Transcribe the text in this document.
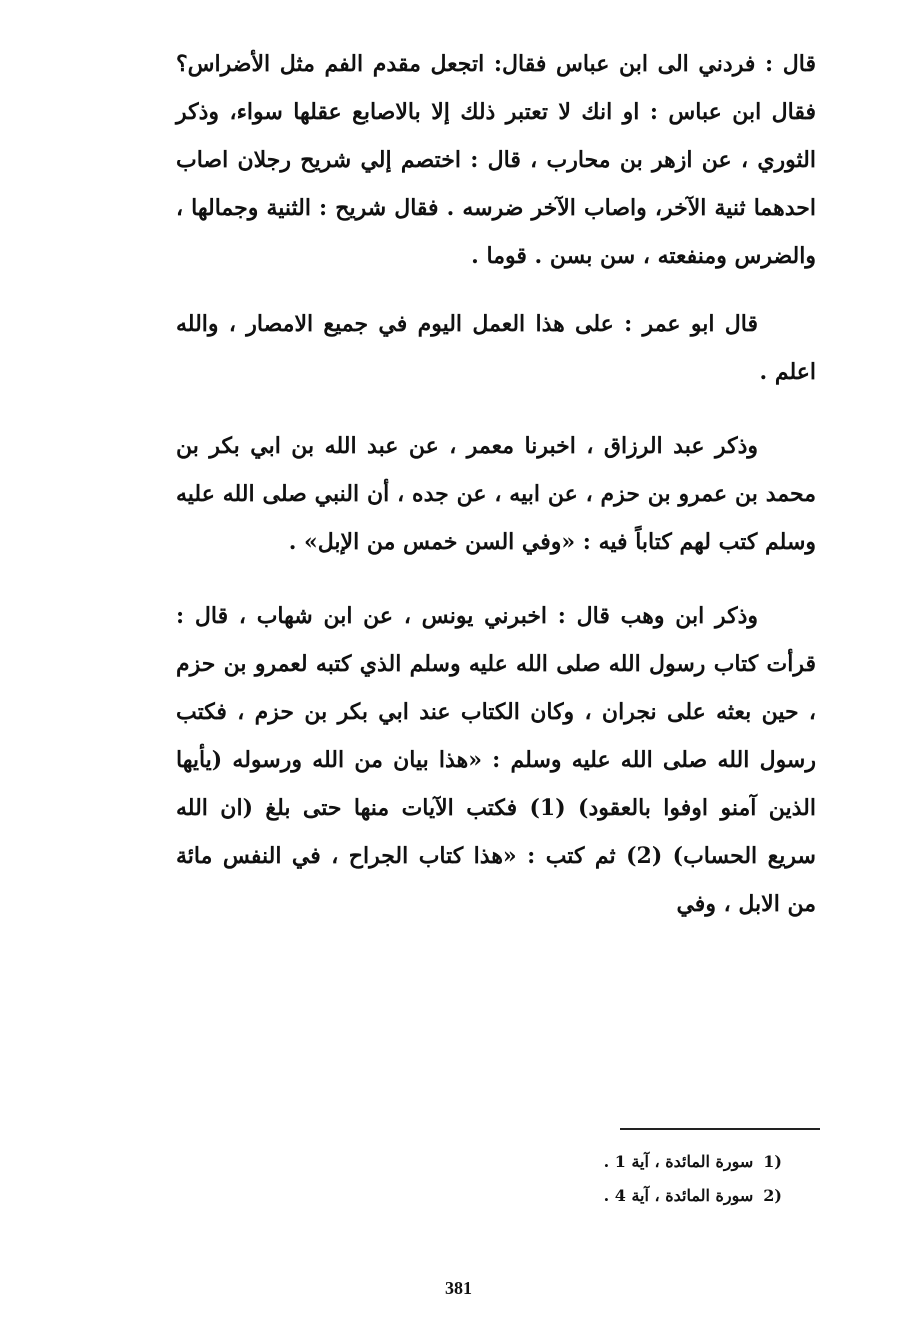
قال : فردني الى ابن عباس فقال: اتجعل مقدم الفم مثل الأضراس؟ فقال ابن عباس : او انك لا تعتبر ذلك إلا بالاصابع عقلها سواء، وذكر الثوري ، عن ازهر بن محارب ، قال : اختصم إلي شريح رجلان اصاب احدهما ثنية الآخر، واصاب الآخر ضرسه . فقال شريح : الثنية وجمالها ، والضرس ومنفعته ، سن بسن . قوما .

قال ابو عمر : على هذا العمل اليوم في جميع الامصار ، والله اعلم .

وذكر عبد الرزاق ، اخبرنا معمر ، عن عبد الله بن ابي بكر بن محمد بن عمرو بن حزم ، عن ابيه ، عن جده ، أن النبي صلى الله عليه وسلم كتب لهم كتاباً فيه : «وفي السن خمس من الإبل» .

وذكر ابن وهب قال : اخبرني يونس ، عن ابن شهاب ، قال : قرأت كتاب رسول الله صلى الله عليه وسلم الذي كتبه لعمرو بن حزم ، حين بعثه على نجران ، وكان الكتاب عند ابي بكر بن حزم ، فكتب رسول الله صلى الله عليه وسلم : «هذا بيان من الله ورسوله (يأيها الذين آمنو اوفوا بالعقود) (1) فكتب الآيات منها حتى بلغ (ان الله سريع الحساب) (2) ثم كتب : «هذا كتاب الجراح ، في النفس مائة من الابل ، وفي

(1سورة المائدة ، آية 1 .
(2سورة المائدة ، آية 4 .
381
